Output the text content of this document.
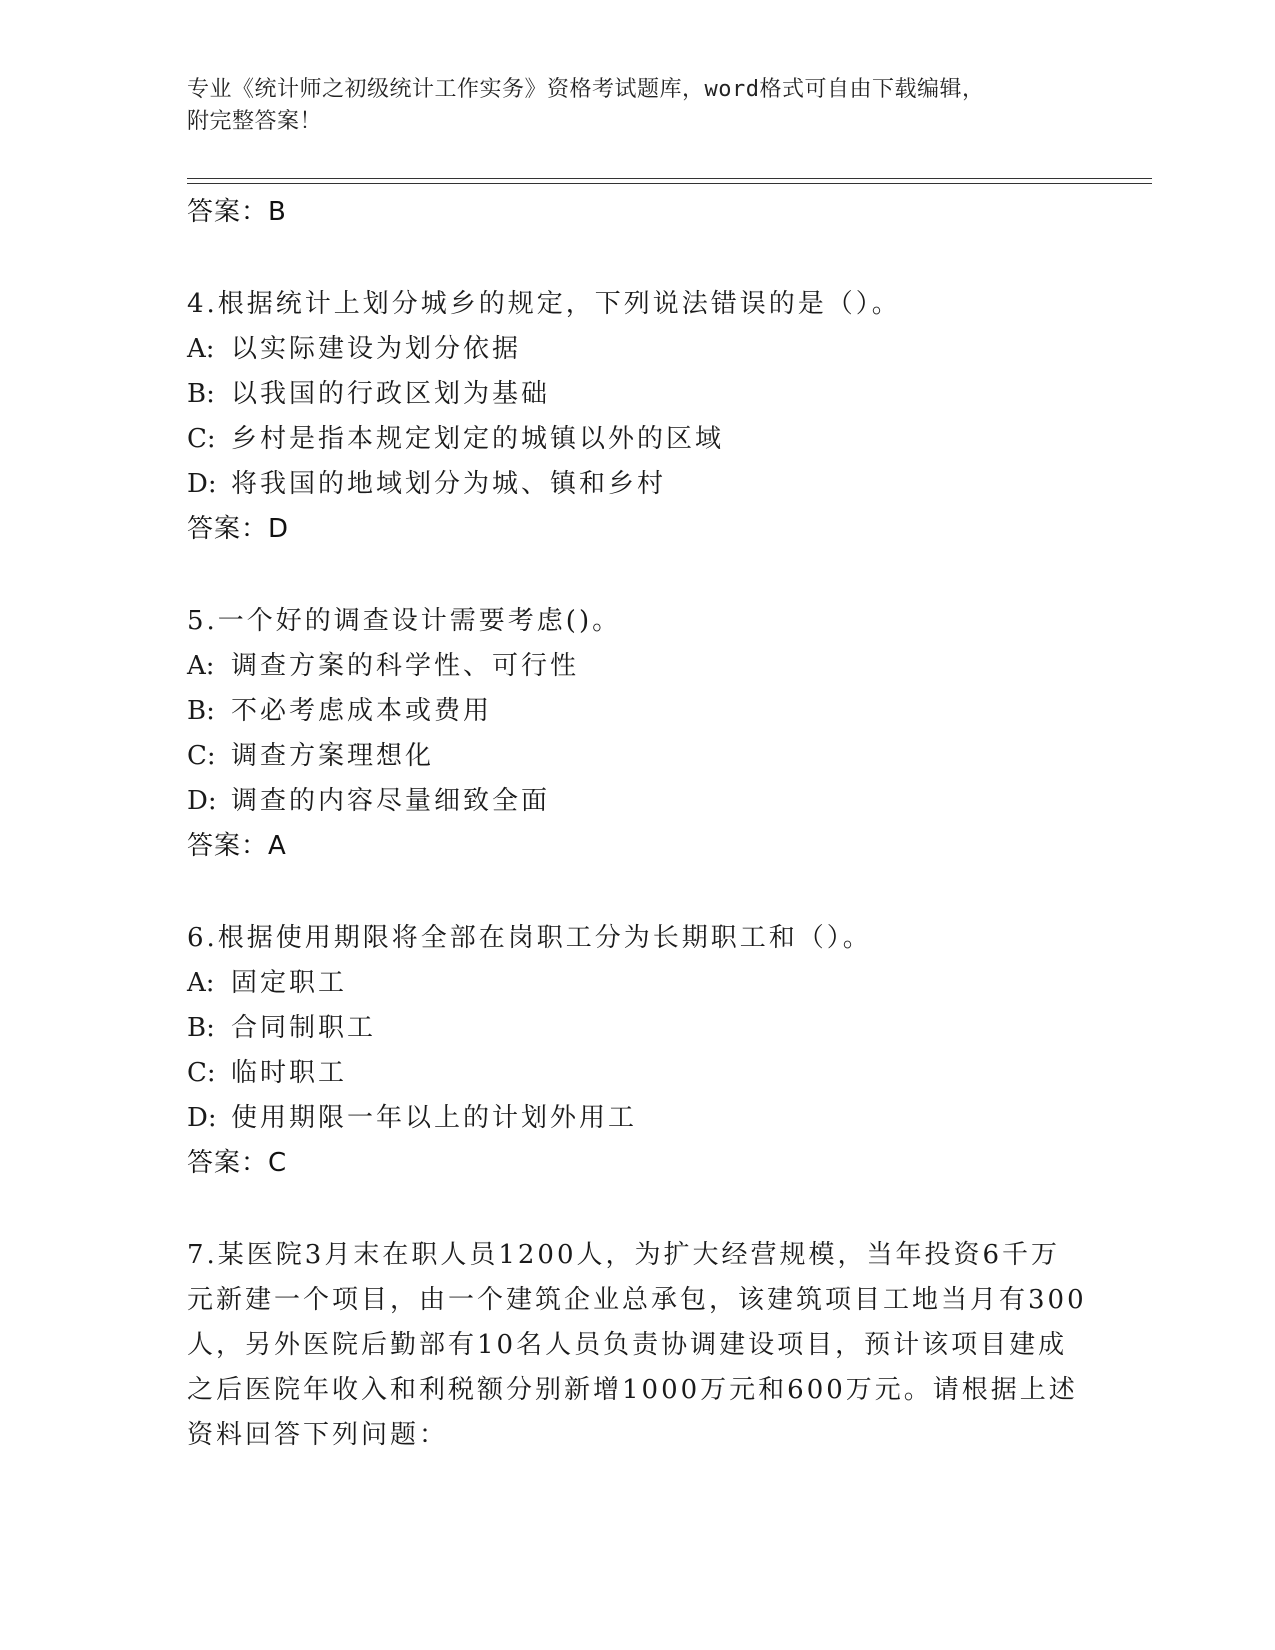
专业《统计师之初级统计工作实务》资格考试题库，word格式可自由下载编辑，
附完整答案！
答案：B
4.根据统计上划分城乡的规定，下列说法错误的是（）。
A: 以实际建设为划分依据
B: 以我国的行政区划为基础
C: 乡村是指本规定划定的城镇以外的区域
D: 将我国的地域划分为城、镇和乡村
答案：D
5.一个好的调查设计需要考虑()。
A: 调查方案的科学性、可行性
B: 不必考虑成本或费用
C: 调查方案理想化
D: 调查的内容尽量细致全面
答案：A
6.根据使用期限将全部在岗职工分为长期职工和（）。
A: 固定职工
B: 合同制职工
C: 临时职工
D: 使用期限一年以上的计划外用工
答案：C
7.某医院3月末在职人员1200人，为扩大经营规模，当年投资6千万
元新建一个项目，由一个建筑企业总承包，该建筑项目工地当月有300
人，另外医院后勤部有10名人员负责协调建设项目，预计该项目建成
之后医院年收入和利税额分别新增1000万元和600万元。请根据上述
资料回答下列问题：
